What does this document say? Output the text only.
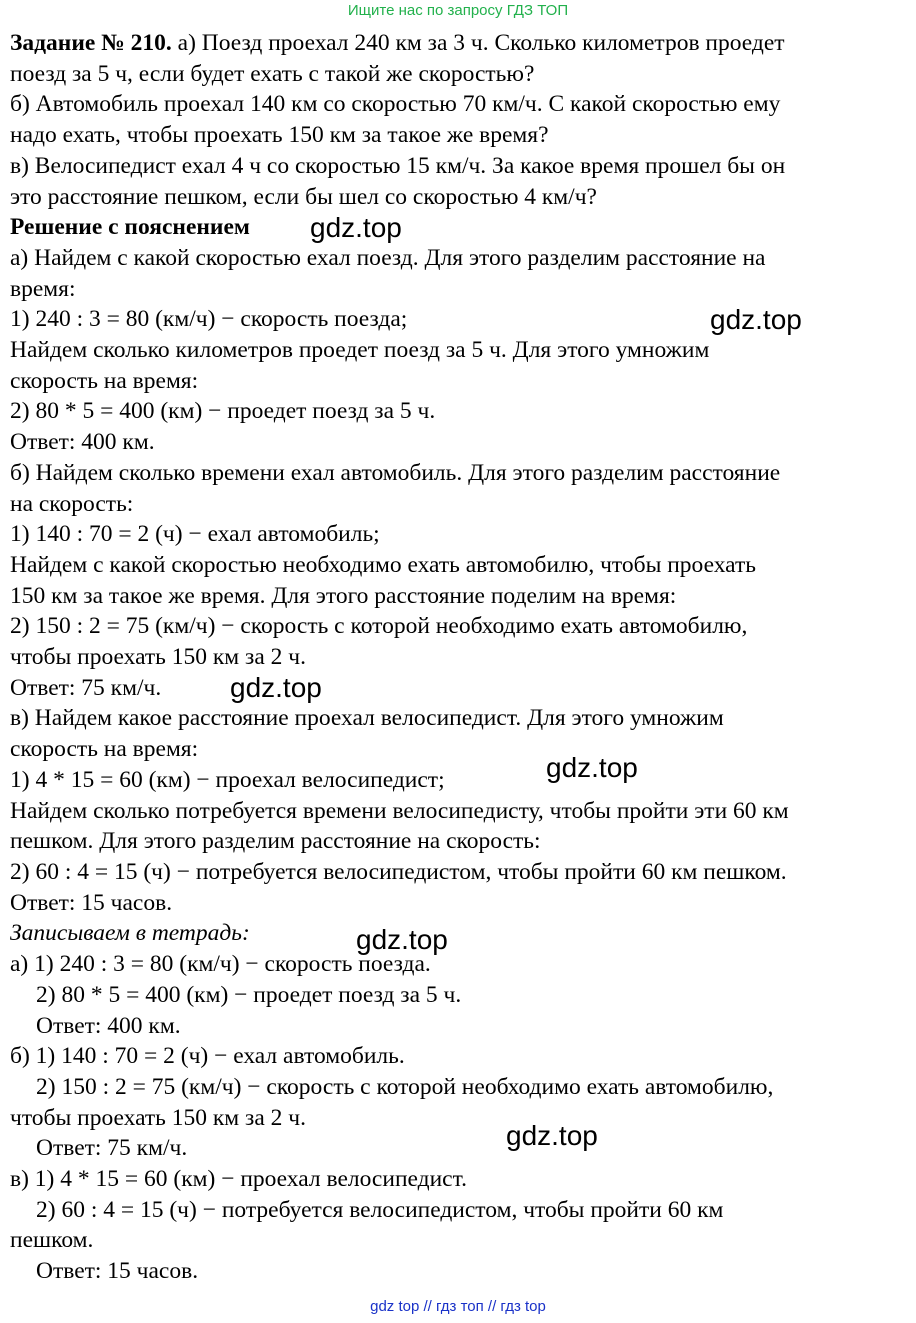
Ищите нас по запросу ГДЗ ТОП
Задание № 210. а) Поезд проехал 240 км за 3 ч. Сколько километров проедет
поезд за 5 ч, если будет ехать с такой же скоростью?
б) Автомобиль проехал 140 км со скоростью 70 км/ч. С какой скоростью ему
надо ехать, чтобы проехать 150 км за такое же время?
в) Велосипедист ехал 4 ч со скоростью 15 км/ч. За какое время прошел бы он
это расстояние пешком, если бы шел со скоростью 4 км/ч?
Решение с пояснением
а) Найдем с какой скоростью ехал поезд. Для этого разделим расстояние на
время:
1) 240 : 3 = 80 (км/ч) − скорость поезда;
Найдем сколько километров проедет поезд за 5 ч. Для этого умножим
скорость на время:
2) 80 * 5 = 400 (км) − проедет поезд за 5 ч.
Ответ: 400 км.
б) Найдем сколько времени ехал автомобиль. Для этого разделим расстояние
на скорость:
1) 140 : 70 = 2 (ч) − ехал автомобиль;
Найдем с какой скоростью необходимо ехать автомобилю, чтобы проехать
150 км за такое же время. Для этого расстояние поделим на время:
2) 150 : 2 = 75 (км/ч) − скорость с которой необходимо ехать автомобилю,
чтобы проехать 150 км за 2 ч.
Ответ: 75 км/ч.
в) Найдем какое расстояние проехал велосипедист. Для этого умножим
скорость на время:
1) 4 * 15 = 60 (км) − проехал велосипедист;
Найдем сколько потребуется времени велосипедисту, чтобы пройти эти 60 км
пешком. Для этого разделим расстояние на скорость:
2) 60 : 4 = 15 (ч) − потребуется велосипедистом, чтобы пройти 60 км пешком.
Ответ: 15 часов.
Записываем в тетрадь:
а) 1) 240 : 3 = 80 (км/ч) − скорость поезда.
2) 80 * 5 = 400 (км) − проедет поезд за 5 ч.
Ответ: 400 км.
б) 1) 140 : 70 = 2 (ч) − ехал автомобиль.
2) 150 : 2 = 75 (км/ч) − скорость с которой необходимо ехать автомобилю,
чтобы проехать 150 км за 2 ч.
Ответ: 75 км/ч.
в) 1) 4 * 15 = 60 (км) − проехал велосипедист.
2) 60 : 4 = 15 (ч) − потребуется велосипедистом, чтобы пройти 60 км
пешком.
Ответ: 15 часов.
gdz.top
gdz.top
gdz.top
gdz.top
gdz.top
gdz.top
gdz top // гдз топ // гдз top
